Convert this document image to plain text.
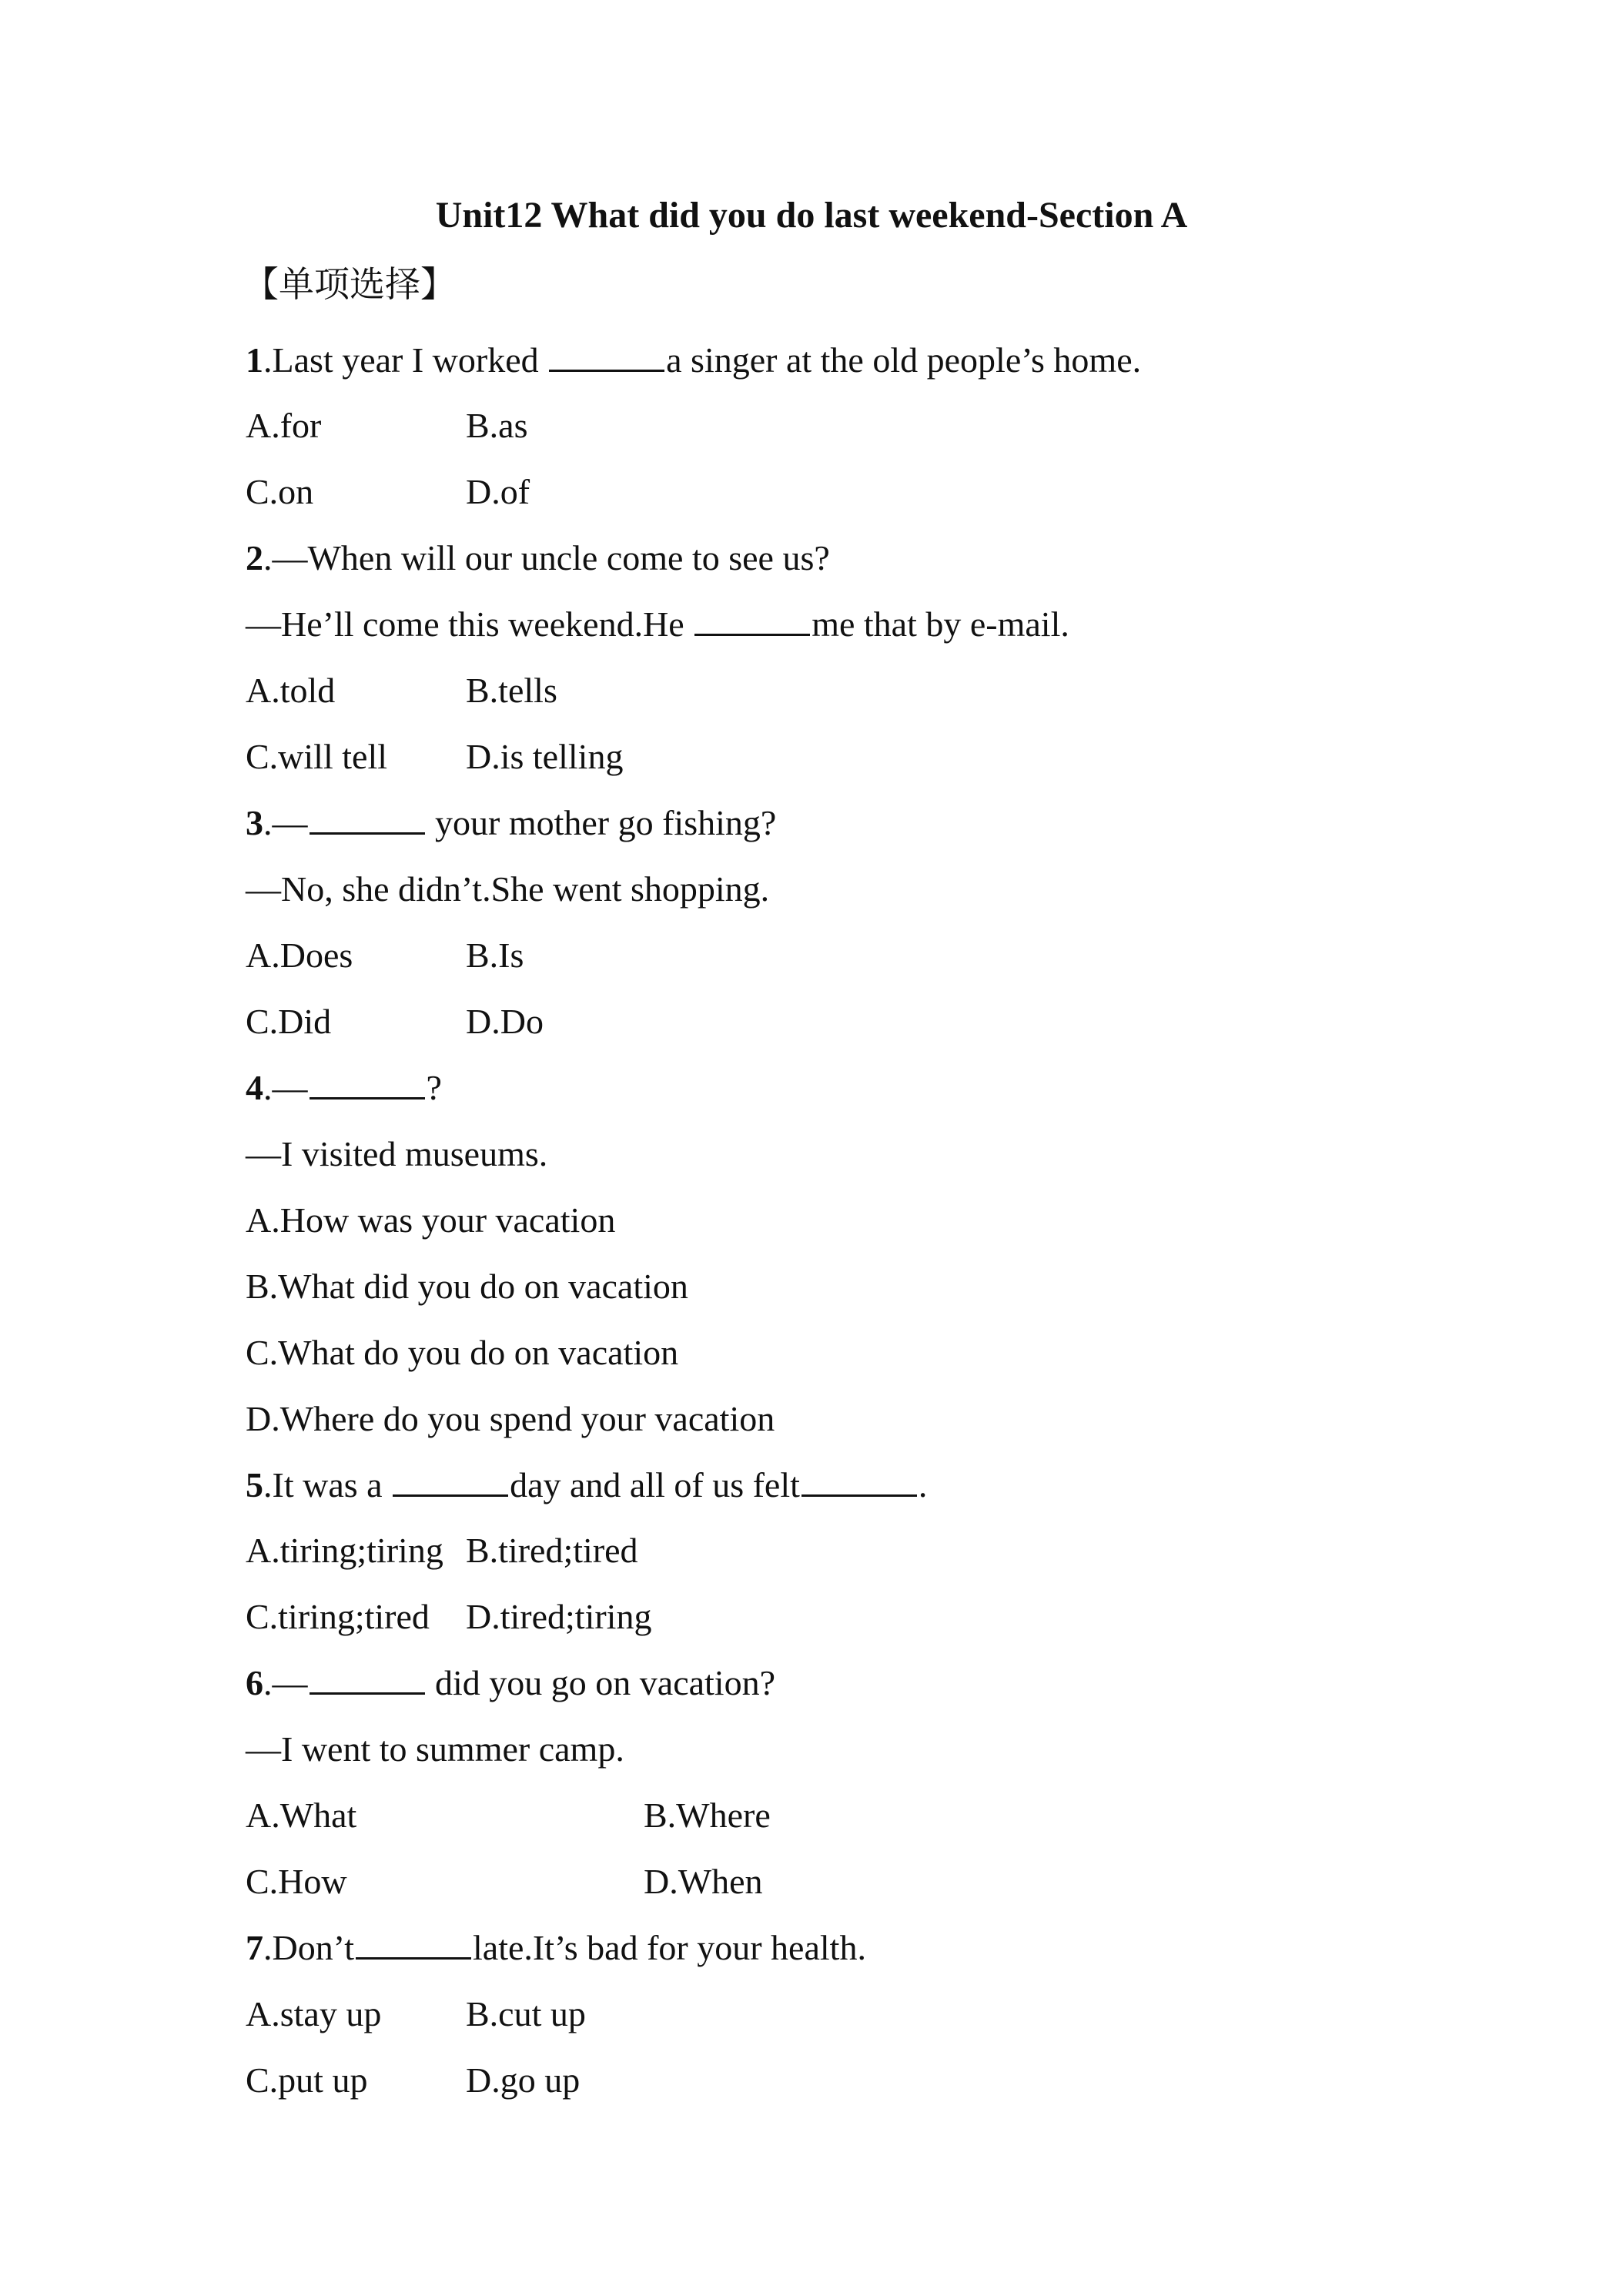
Unit12 What did you do last weekend-Section A
【单项选择】
1.Last year I worked	a singer at the old people’s home.
A.for	B.as
C.on	D.of
2.—When will our uncle come to see us?
—He’ll come this weekend.He	me that by e-mail.
A.told	B.tells
C.will tell D.is telling
3.—	your mother go fishing?
—No, she didn’t.She went shopping.
A.Does	B.Is
C.Did	D.Do
4.—	?
—I visited museums.
A.How was your vacation
B.What did you do on vacation
C.What do you do on vacation
D.Where do you spend your vacation
5.It was a	day and all of us felt	.
A.tiring;tiring B.tired;tired
C.tiring;tired D.tired;tiring
6.—	did you go on vacation?
—I went to summer camp.
A.What	B.Where
C.How	D.When
7.Don’t	late.It’s bad for your health.
A.stay up B.cut up
C.put up	D.go up
